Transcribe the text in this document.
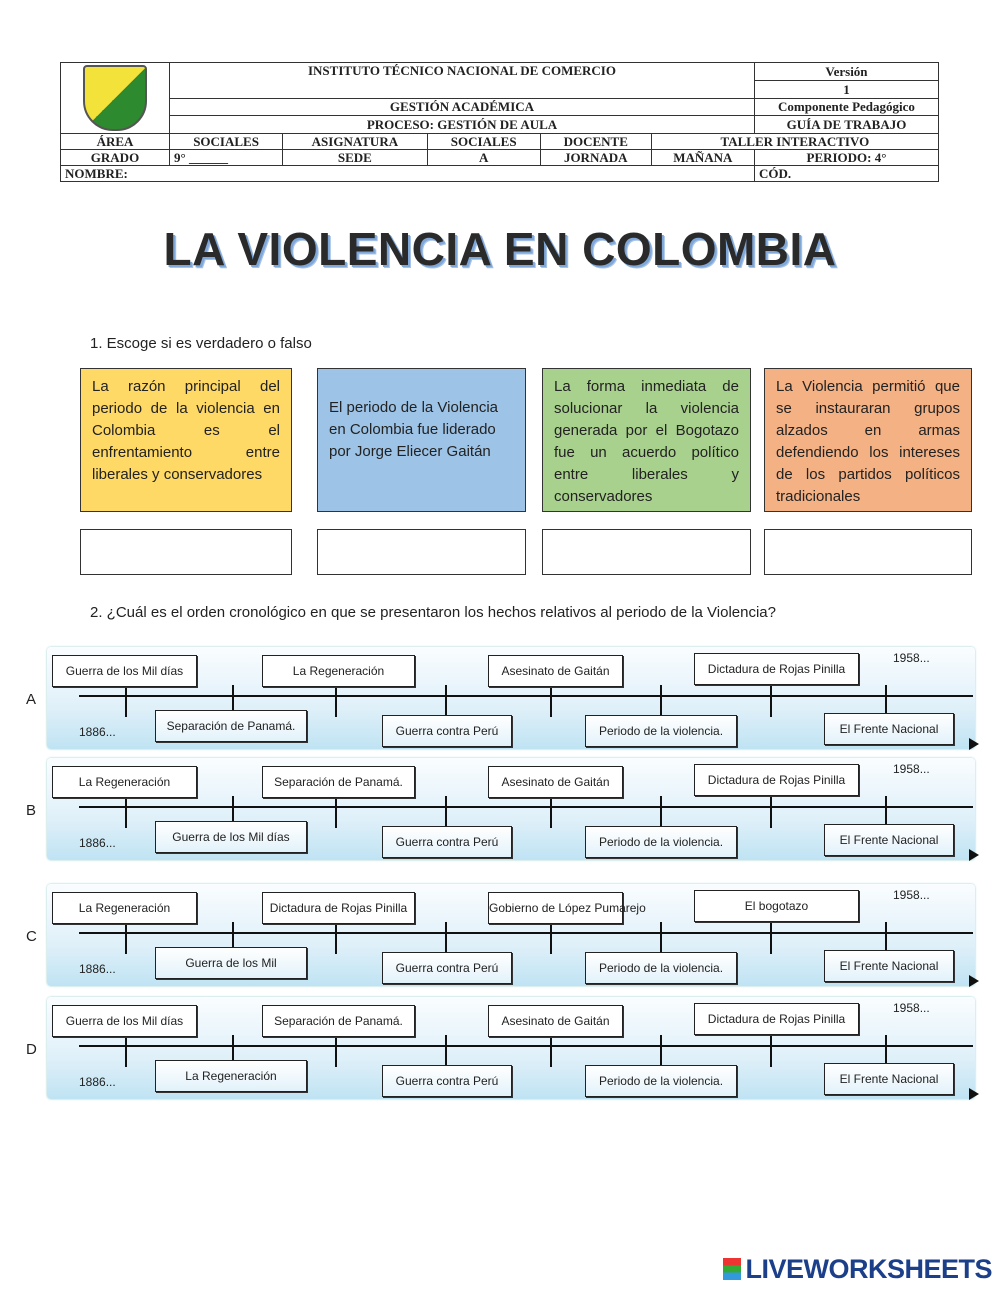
	INSTITUTO TÉCNICO NACIONAL DE COMERCIO					Versión
						1
	GESTIÓN ACADÉMICA					Componente Pedagógico
	PROCESO: GESTIÓN DE AULA					GUÍA DE TRABAJO
ÁREA	SOCIALES	ASIGNATURA	SOCIALES	DOCENTE	TALLER INTERACTIVO	
GRADO	9° ______	SEDE	A	JORNADA	MAÑANA	PERIODO: 4°
NOMBRE:						CÓD.
LA VIOLENCIA EN COLOMBIA
1. Escoge si es verdadero o falso
La razón principal del periodo de la violencia en Colombia es el enfrentamiento entre liberales y conservadores
El periodo de la Violencia en Colombia fue liderado por Jorge Eliecer Gaitán
La forma inmediata de solucionar la violencia generada por el Bogotazo fue un acuerdo político entre liberales y conservadores
La Violencia permitió que se instauraran grupos alzados en armas defendiendo los intereses de los partidos políticos tradicionales
2. ¿Cuál es el orden cronológico en que se presentaron los hechos relativos al periodo de la Violencia?
A
Guerra de los Mil días	La Regeneración	Asesinato de Gaitán	Dictadura de Rojas Pinilla
Separación de Panamá.	Guerra contra Perú	Periodo de la violencia.	El Frente Nacional
1886...
1958...
B
La Regeneración	Separación de Panamá.	Asesinato de Gaitán	Dictadura de Rojas Pinilla
Guerra de los Mil días	Guerra contra Perú	Periodo de la violencia.	El Frente Nacional
1886...
1958...
C
La Regeneración	Dictadura de Rojas Pinilla	Gobierno de López Pumarejo	El bogotazo
Guerra de los Mil	Guerra contra Perú	Periodo de la violencia.	El Frente Nacional
1886...
1958...
D
Guerra de los Mil días	Separación de Panamá.	Asesinato de Gaitán	Dictadura de Rojas Pinilla
La Regeneración	Guerra contra Perú	Periodo de la violencia.	El Frente Nacional
1886...
1958...
LIVEWORKSHEETS
